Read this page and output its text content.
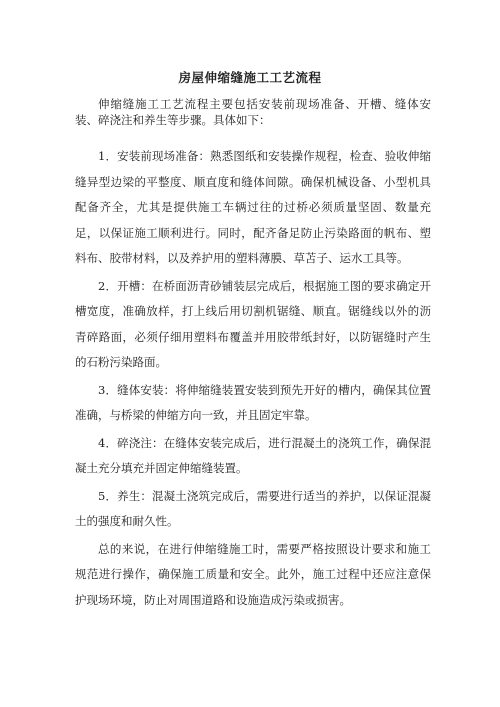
房屋伸缩缝施工工艺流程

伸缩缝施工工艺流程主要包括安装前现场准备、开槽、缝体安装、碎浇注和养生等步骤。具体如下：

1．安装前现场准备：熟悉图纸和安装操作规程，检查、验收伸缩缝异型边梁的平整度、顺直度和缝体间隙。确保机械设备、小型机具配备齐全，尤其是提供施工车辆过往的过桥必须质量坚固、数量充足，以保证施工顺利进行。同时，配齐备足防止污染路面的帆布、塑料布、胶带材料，以及养护用的塑料薄膜、草苫子、运水工具等。

2．开槽：在桥面沥青砂铺装层完成后，根据施工图的要求确定开槽宽度，准确放样，打上线后用切割机锯缝、顺直。锯缝线以外的沥青碎路面，必须仔细用塑料布覆盖并用胶带纸封好，以防锯缝时产生的石粉污染路面。

3．缝体安装：将伸缩缝装置安装到预先开好的槽内，确保其位置准确，与桥梁的伸缩方向一致，并且固定牢靠。

4．碎浇注：在缝体安装完成后，进行混凝土的浇筑工作，确保混凝土充分填充并固定伸缩缝装置。

5．养生：混凝土浇筑完成后，需要进行适当的养护，以保证混凝土的强度和耐久性。

总的来说，在进行伸缩缝施工时，需要严格按照设计要求和施工规范进行操作，确保施工质量和安全。此外，施工过程中还应注意保护现场环境，防止对周围道路和设施造成污染或损害。
